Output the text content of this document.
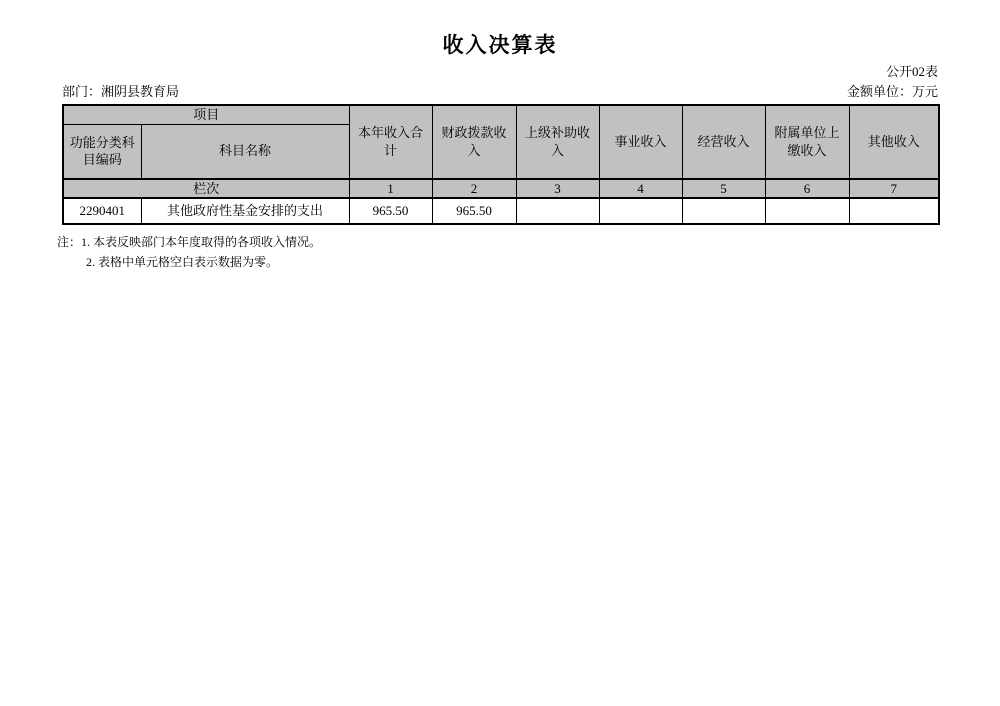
收入决算表
公开02表
部门：湘阴县教育局	金额单位：万元
项目		本年收入合计	财政拨款收入	上级补助收入	事业收入	经营收入	附属单位上缴收入	其他收入
功能分类科目编码	科目名称							
栏次		1	2	3	4	5	6	7
2290401	其他政府性基金安排的支出	965.50	965.50					
注：1. 本表反映部门本年度取得的各项收入情况。
2. 表格中单元格空白表示数据为零。
